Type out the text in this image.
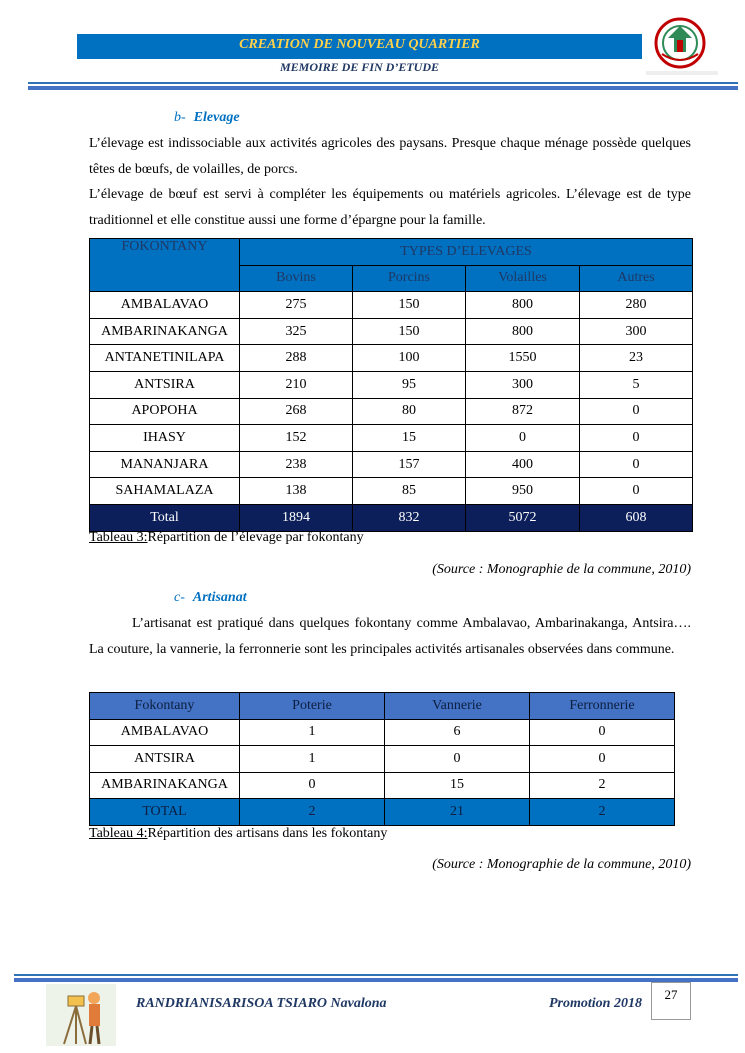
CREATION DE NOUVEAU QUARTIER
MEMOIRE DE FIN D’ETUDE
b- Elevage

L’élevage est indissociable aux activités agricoles des paysans. Presque chaque ménage possède quelques têtes de bœufs, de volailles, de porcs.

L’élevage de bœuf est servi à compléter les équipements ou matériels agricoles. L’élevage est de type traditionnel et elle constitue aussi une forme d’épargne pour la famille.

FOKONTANY	TYPES D’ELEVAGES			
	Bovins	Porcins	Volailles	Autres
AMBALAVAO	275	150	800	280
AMBARINAKANGA	325	150	800	300
ANTANETINILAPA	288	100	1550	23
ANTSIRA	210	95	300	5
APOPOHA	268	80	872	0
IHASY	152	15	0	0
MANANJARA	238	157	400	0
SAHAMALAZA	138	85	950	0
Total	1894	832	5072	608
Tableau 3:Répartition de l’élevage par fokontany
(Source : Monographie de la commune, 2010)
c- Artisanat

L’artisanat est pratiqué dans quelques fokontany comme Ambalavao, Ambarinakanga, Antsira…. La couture, la vannerie, la ferronnerie sont les principales activités artisanales observées dans commune.

Fokontany	Poterie	Vannerie	Ferronnerie
AMBALAVAO	1	6	0
ANTSIRA	1	0	0
AMBARINAKANGA	0	15	2
TOTAL	2	21	2
Tableau 4:Répartition des artisans dans les fokontany
(Source : Monographie de la commune, 2010)
RANDRIANISARISOA TSIARO Navalona	Promotion 2018
27
